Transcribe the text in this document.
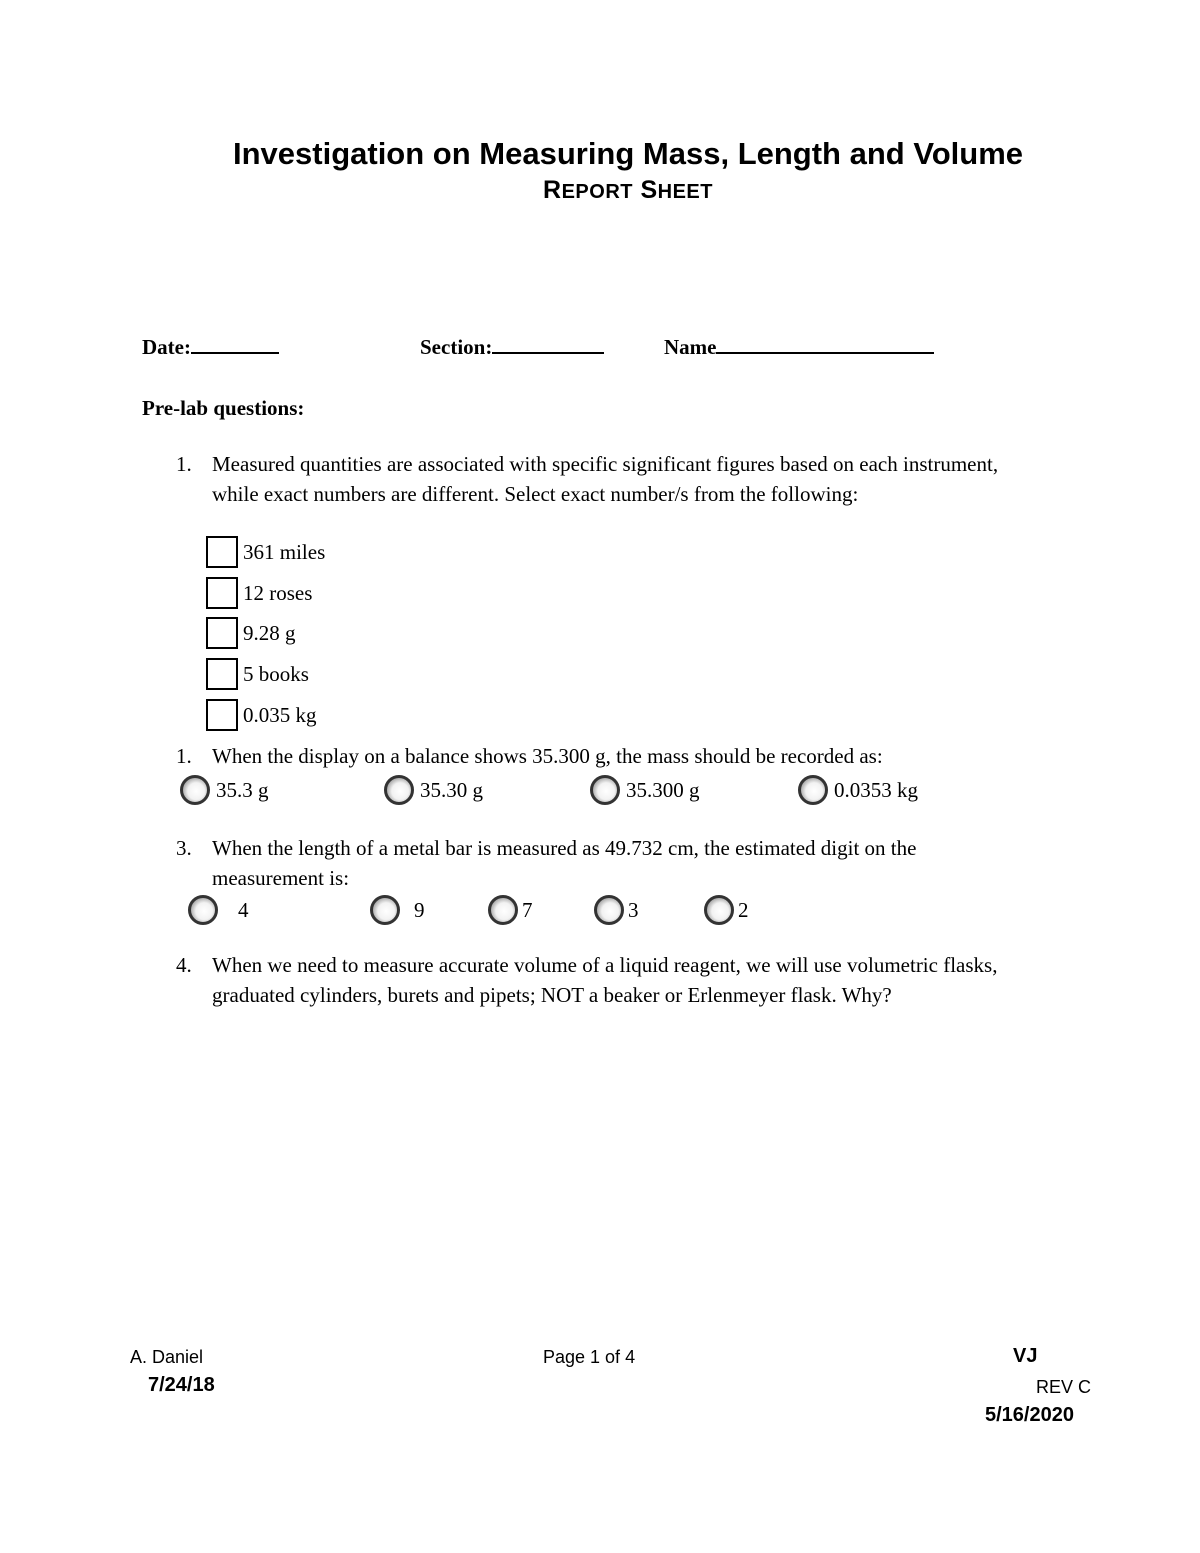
Investigation on Measuring Mass, Length and Volume
REPORT SHEET
Date:	Section:	Name
Pre-lab questions:
1. Measured quantities are associated with specific significant figures based on each instrument, while exact numbers are different. Select exact number/s from the following:
361 miles
12 roses
9.28 g
5 books
0.035 kg
1. When the display on a balance shows 35.300 g, the mass should be recorded as:
35.3 g	35.30 g	35.300 g	0.0353 kg
3. When the length of a metal bar is measured as 49.732 cm, the estimated digit on the measurement is:
4	9	7	3	2
4. When we need to measure accurate volume of a liquid reagent, we will use volumetric flasks, graduated cylinders, burets and pipets; NOT a beaker or Erlenmeyer flask. Why?
A. Daniel
7/24/18
Page 1 of 4	VJ
REV C
5/16/2020
